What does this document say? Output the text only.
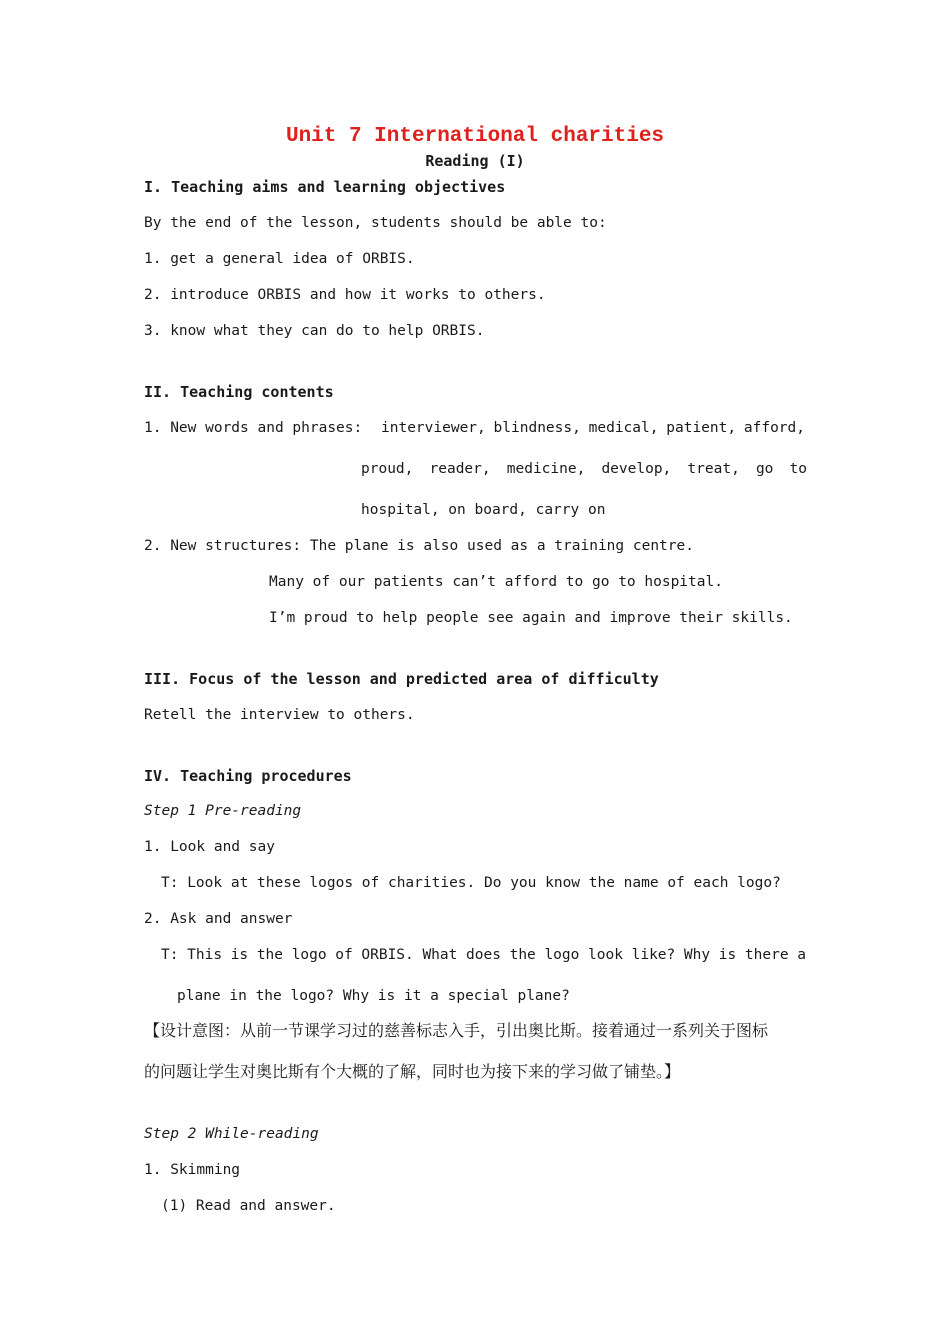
Unit 7 International charities
Reading (I)
I. Teaching aims and learning objectives
By the end of the lesson, students should be able to:
1. get a general idea of ORBIS.
2. introduce ORBIS and how it works to others.
3. know what they can do to help ORBIS.
II. Teaching contents
1. New words and phrases: interviewer, blindness, medical, patient, afford,
proud, reader, medicine, develop, treat, go to
hospital, on board, carry on
2. New structures: The plane is also used as a training centre.
Many of our patients can’t afford to go to hospital.
I’m proud to help people see again and improve their skills.
III. Focus of the lesson and predicted area of difficulty
Retell the interview to others.
IV. Teaching procedures
Step 1 Pre-reading
1. Look and say
T: Look at these logos of charities. Do you know the name of each logo?
2. Ask and answer
T: This is the logo of ORBIS. What does the logo look like? Why is there a
plane in the logo? Why is it a special plane?
【设计意图：从前一节课学习过的慈善标志入手，引出奥比斯。接着通过一系列关于图标
的问题让学生对奥比斯有个大概的了解，同时也为接下来的学习做了铺垫。】
Step 2 While-reading
1. Skimming
(1) Read and answer.
